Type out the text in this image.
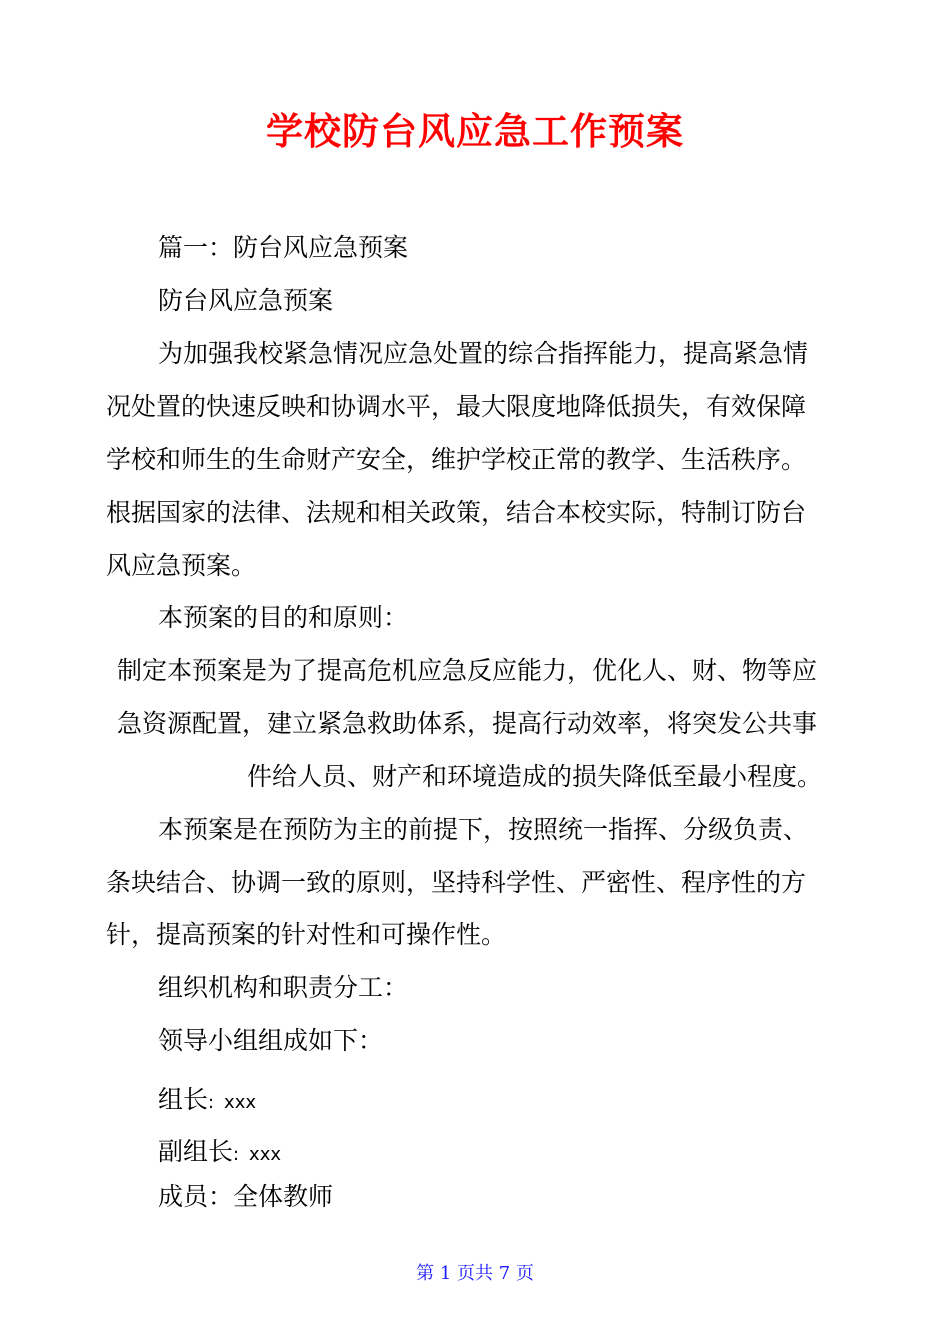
学校防台风应急工作预案
篇一：防台风应急预案
防台风应急预案
为加强我校紧急情况应急处置的综合指挥能力，提高紧急情
况处置的快速反映和协调水平，最大限度地降低损失，有效保障
学校和师生的生命财产安全，维护学校正常的教学、生活秩序。
根据国家的法律、法规和相关政策，结合本校实际，特制订防台
风应急预案。
本预案的目的和原则：
制定本预案是为了提高危机应急反应能力，优化人、财、物等应
急资源配置，建立紧急救助体系，提高行动效率，将突发公共事
件给人员、财产和环境造成的损失降低至最小程度。
本预案是在预防为主的前提下，按照统一指挥、分级负责、
条块结合、协调一致的原则，坚持科学性、严密性、程序性的方
针，提高预案的针对性和可操作性。
组织机构和职责分工：
领导小组组成如下：
组长: xxx
副组长: xxx
成员：全体教师
第 1 页共 7 页
